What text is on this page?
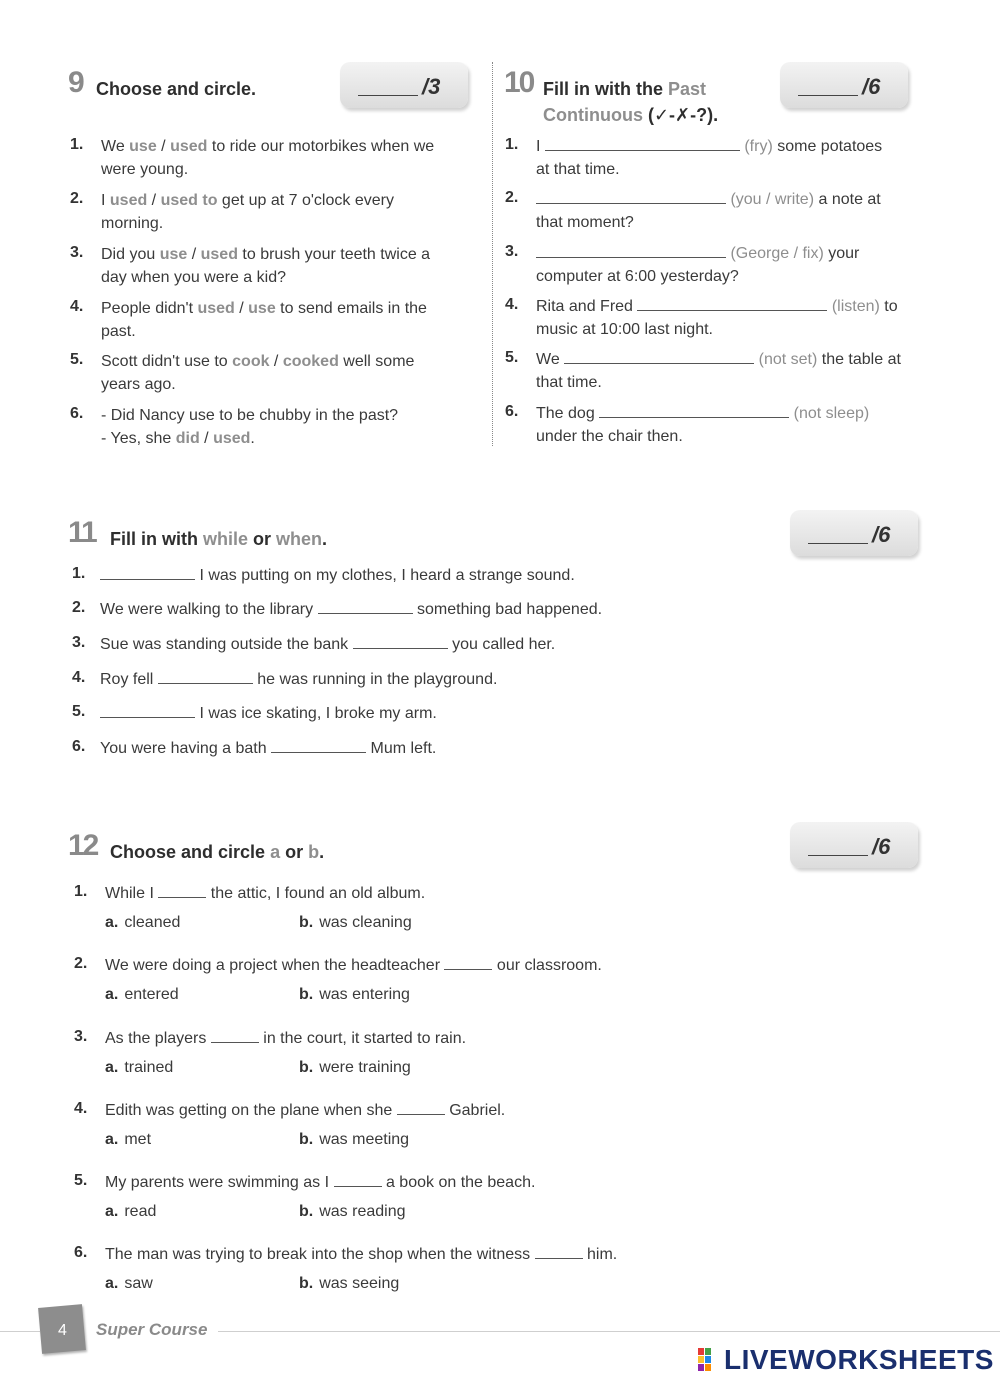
9 Choose and circle.	/3
1. We use / used to ride our motorbikes when we
were young.
2. I used / used to get up at 7 o'clock every
morning.
3. Did you use / used to brush your teeth twice a
day when you were a kid?
4. People didn't used / use to send emails in the
past.
5. Scott didn't use to cook / cooked well some
years ago.
6. - Did Nancy use to be chubby in the past?
- Yes, she did / used.
10 Fill in with the Past
Continuous (✓-✗-?).
/6
1. I	(fry) some potatoes
at that time.
2.	(you / write) a note at
that moment?
3.	(George / fix) your
computer at 6:00 yesterday?
4. Rita and Fred	(listen) to
music at 10:00 last night.
5. We	(not set) the table at
that time.
6. The dog	(not sleep)
under the chair then.
11 Fill in with while or when.	/6
1.	I was putting on my clothes, I heard a strange sound.
2. We were walking to the library	something bad happened.
3. Sue was standing outside the bank	you called her.
4. Roy fell	he was running in the playground.
5.	I was ice skating, I broke my arm.
6. You were having a bath	Mum left.
12 Choose and circle a or b.	/6
1. While I	the attic, I found an old album.
a. cleaned	b. was cleaning
2. We were doing a project when the headteacher	our classroom.
a. entered	b. was entering
3. As the players	in the court, it started to rain.
a. trained	b. were training
4. Edith was getting on the plane when she	Gabriel.
a. met	b. was meeting
5. My parents were swimming as I	a book on the beach.
a. read	b. was reading
6. The man was trying to break into the shop when the witness	him.
a. saw	b. was seeing
4 Super Course
LIVEWORKSHEETS
